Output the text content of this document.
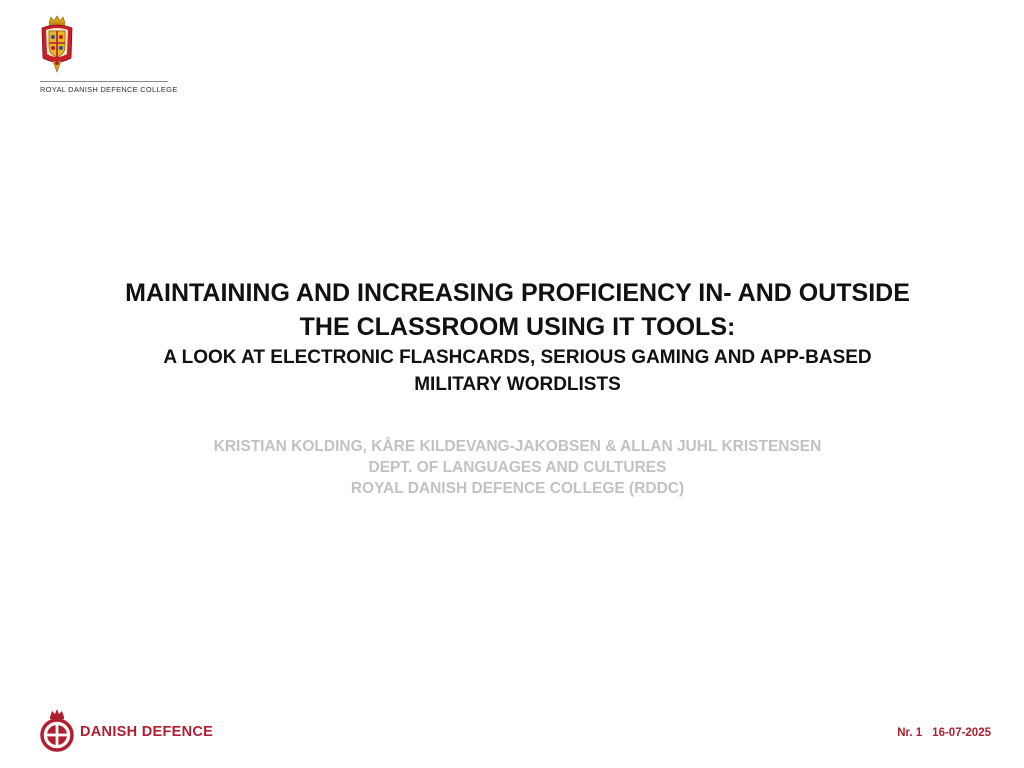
ROYAL DANISH DEFENCE COLLEGE

MAINTAINING AND INCREASING PROFICIENCY IN- AND OUTSIDE

THE CLASSROOM USING IT TOOLS:

A LOOK AT ELECTRONIC FLASHCARDS, SERIOUS GAMING AND APP-BASED

MILITARY WORDLISTS

KRISTIAN KOLDING, KÅRE KILDEVANG-JAKOBSEN & ALLAN JUHL KRISTENSEN
DEPT. OF LANGUAGES AND CULTURES
ROYAL DANISH DEFENCE COLLEGE (RDDC)
DANISH DEFENCE	Nr. 1 16-07-2025
